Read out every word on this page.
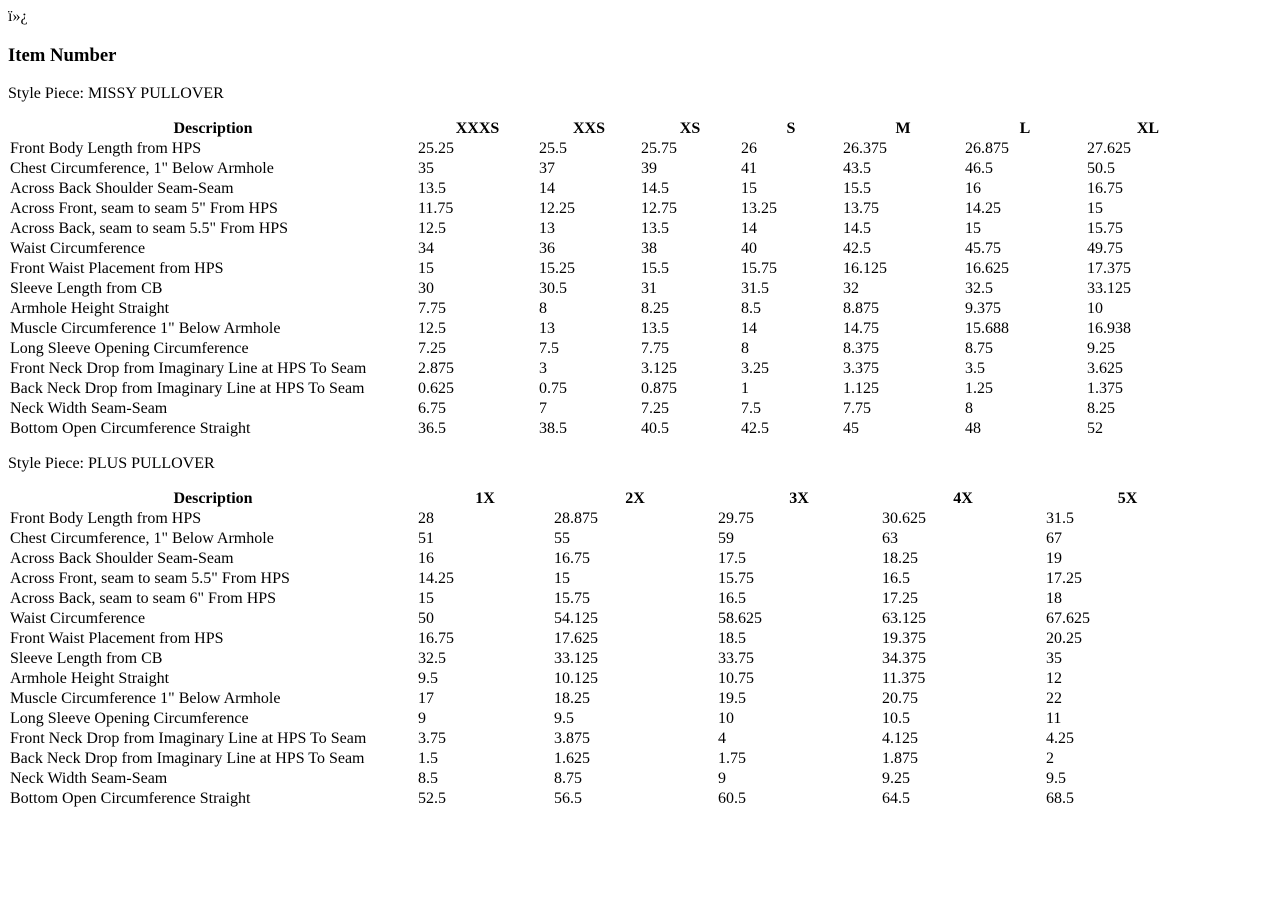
ï»¿
Item Number

Style Piece: MISSY PULLOVER

Description	XXXS	XXS	XS	S	M	L	XL
Front Body Length from HPS	25.25	25.5	25.75	26	26.375	26.875	27.625
Chest Circumference, 1" Below Armhole	35	37	39	41	43.5	46.5	50.5
Across Back Shoulder Seam-Seam	13.5	14	14.5	15	15.5	16	16.75
Across Front, seam to seam 5" From HPS	11.75	12.25	12.75	13.25	13.75	14.25	15
Across Back, seam to seam 5.5" From HPS	12.5	13	13.5	14	14.5	15	15.75
Waist Circumference	34	36	38	40	42.5	45.75	49.75
Front Waist Placement from HPS	15	15.25	15.5	15.75	16.125	16.625	17.375
Sleeve Length from CB	30	30.5	31	31.5	32	32.5	33.125
Armhole Height Straight	7.75	8	8.25	8.5	8.875	9.375	10
Muscle Circumference 1" Below Armhole	12.5	13	13.5	14	14.75	15.688	16.938
Long Sleeve Opening Circumference	7.25	7.5	7.75	8	8.375	8.75	9.25
Front Neck Drop from Imaginary Line at HPS To Seam	2.875	3	3.125	3.25	3.375	3.5	3.625
Back Neck Drop from Imaginary Line at HPS To Seam	0.625	0.75	0.875	1	1.125	1.25	1.375
Neck Width Seam-Seam	6.75	7	7.25	7.5	7.75	8	8.25
Bottom Open Circumference Straight	36.5	38.5	40.5	42.5	45	48	52

Style Piece: PLUS PULLOVER

Description	1X	2X	3X	4X	5X
Front Body Length from HPS	28	28.875	29.75	30.625	31.5
Chest Circumference, 1" Below Armhole	51	55	59	63	67
Across Back Shoulder Seam-Seam	16	16.75	17.5	18.25	19
Across Front, seam to seam 5.5" From HPS	14.25	15	15.75	16.5	17.25
Across Back, seam to seam 6" From HPS	15	15.75	16.5	17.25	18
Waist Circumference	50	54.125	58.625	63.125	67.625
Front Waist Placement from HPS	16.75	17.625	18.5	19.375	20.25
Sleeve Length from CB	32.5	33.125	33.75	34.375	35
Armhole Height Straight	9.5	10.125	10.75	11.375	12
Muscle Circumference 1" Below Armhole	17	18.25	19.5	20.75	22
Long Sleeve Opening Circumference	9	9.5	10	10.5	11
Front Neck Drop from Imaginary Line at HPS To Seam	3.75	3.875	4	4.125	4.25
Back Neck Drop from Imaginary Line at HPS To Seam	1.5	1.625	1.75	1.875	2
Neck Width Seam-Seam	8.5	8.75	9	9.25	9.5
Bottom Open Circumference Straight	52.5	56.5	60.5	64.5	68.5
